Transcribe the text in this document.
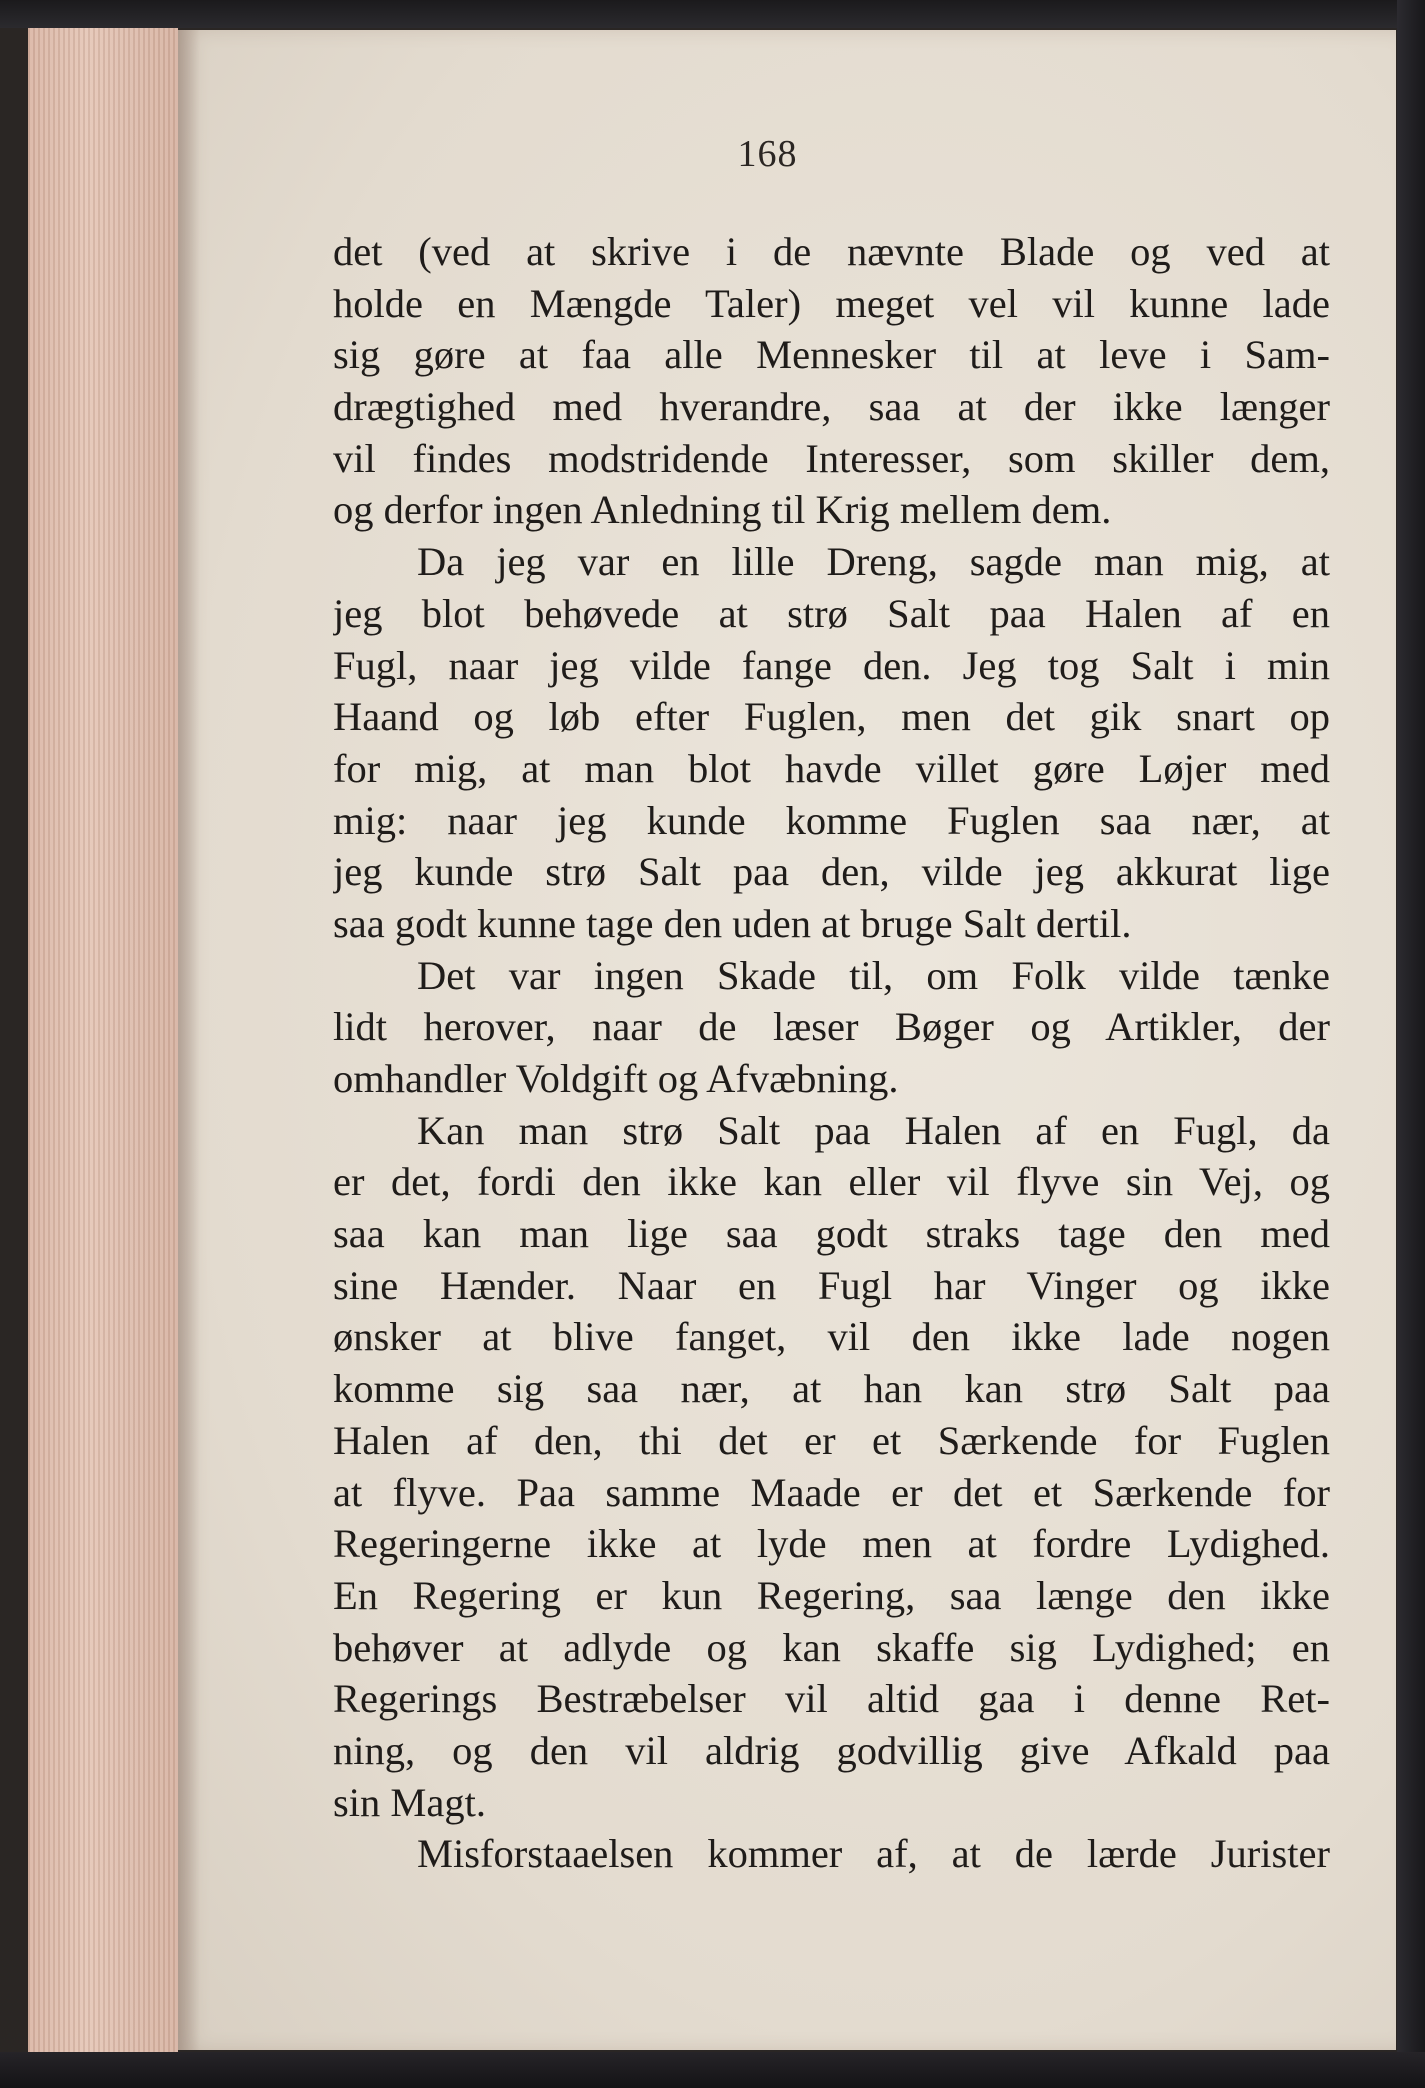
168
det (ved at skrive i de nævnte Blade og ved at
holde en Mængde Taler) meget vel vil kunne lade
sig gøre at faa alle Mennesker til at leve i Sam-
drægtighed med hverandre, saa at der ikke længer
vil findes modstridende Interesser, som skiller dem,
og derfor ingen Anledning til Krig mellem dem.
Da jeg var en lille Dreng, sagde man mig, at
jeg blot behøvede at strø Salt paa Halen af en
Fugl, naar jeg vilde fange den. Jeg tog Salt i min
Haand og løb efter Fuglen, men det gik snart op
for mig, at man blot havde villet gøre Løjer med
mig: naar jeg kunde komme Fuglen saa nær, at
jeg kunde strø Salt paa den, vilde jeg akkurat lige
saa godt kunne tage den uden at bruge Salt dertil.
Det var ingen Skade til, om Folk vilde tænke
lidt herover, naar de læser Bøger og Artikler, der
omhandler Voldgift og Afvæbning.
Kan man strø Salt paa Halen af en Fugl, da
er det, fordi den ikke kan eller vil flyve sin Vej, og
saa kan man lige saa godt straks tage den med
sine Hænder. Naar en Fugl har Vinger og ikke
ønsker at blive fanget, vil den ikke lade nogen
komme sig saa nær, at han kan strø Salt paa
Halen af den, thi det er et Særkende for Fuglen
at flyve. Paa samme Maade er det et Særkende for
Regeringerne ikke at lyde men at fordre Lydighed.
En Regering er kun Regering, saa længe den ikke
behøver at adlyde og kan skaffe sig Lydighed; en
Regerings Bestræbelser vil altid gaa i denne Ret-
ning, og den vil aldrig godvillig give Afkald paa
sin Magt.
Misforstaaelsen kommer af, at de lærde Jurister
